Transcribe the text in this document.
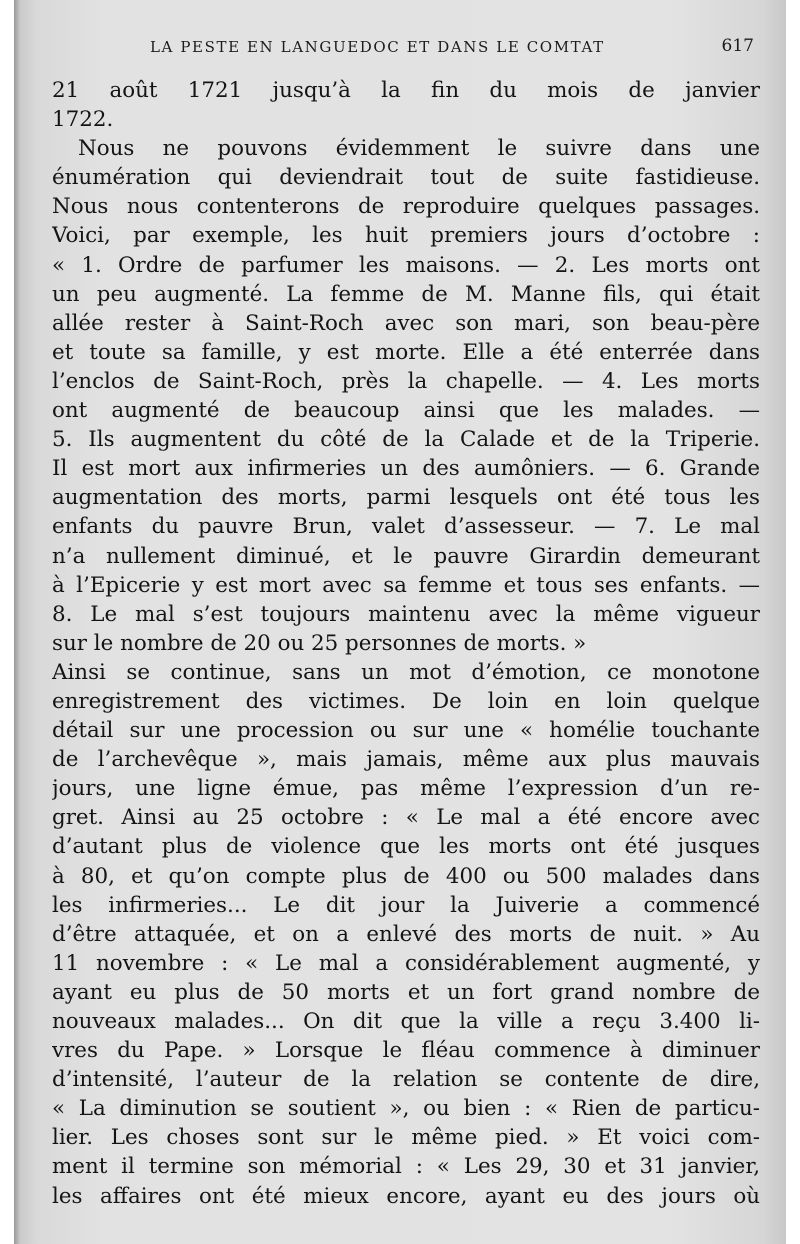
LA PESTE EN LANGUEDOC ET DANS LE COMTAT	617
21 août 1721 jusqu’à la fin du mois de janvier
1722.
Nous ne pouvons évidemment le suivre dans une
énumération qui deviendrait tout de suite fastidieuse.
Nous nous contenterons de reproduire quelques passages.
Voici, par exemple, les huit premiers jours d’octobre :
« 1. Ordre de parfumer les maisons. — 2. Les morts ont
un peu augmenté. La femme de M. Manne fils, qui était
allée rester à Saint-Roch avec son mari, son beau-père
et toute sa famille, y est morte. Elle a été enterrée dans
l’enclos de Saint-Roch, près la chapelle. — 4. Les morts
ont augmenté de beaucoup ainsi que les malades. —
5. Ils augmentent du côté de la Calade et de la Triperie.
Il est mort aux infirmeries un des aumôniers. — 6. Grande
augmentation des morts, parmi lesquels ont été tous les
enfants du pauvre Brun, valet d’assesseur. — 7. Le mal
n’a nullement diminué, et le pauvre Girardin demeurant
à l’Epicerie y est mort avec sa femme et tous ses enfants. —
8. Le mal s’est toujours maintenu avec la même vigueur
sur le nombre de 20 ou 25 personnes de morts. »
Ainsi se continue, sans un mot d’émotion, ce monotone
enregistrement des victimes. De loin en loin quelque
détail sur une procession ou sur une « homélie touchante
de l’archevêque », mais jamais, même aux plus mauvais
jours, une ligne émue, pas même l’expression d’un re-
gret. Ainsi au 25 octobre : « Le mal a été encore avec
d’autant plus de violence que les morts ont été jusques
à 80, et qu’on compte plus de 400 ou 500 malades dans
les infirmeries... Le dit jour la Juiverie a commencé
d’être attaquée, et on a enlevé des morts de nuit. » Au
11 novembre : « Le mal a considérablement augmenté, y
ayant eu plus de 50 morts et un fort grand nombre de
nouveaux malades... On dit que la ville a reçu 3.400 li-
vres du Pape. » Lorsque le fléau commence à diminuer
d’intensité, l’auteur de la relation se contente de dire,
« La diminution se soutient », ou bien : « Rien de particu-
lier. Les choses sont sur le même pied. » Et voici com-
ment il termine son mémorial : « Les 29, 30 et 31 janvier,
les affaires ont été mieux encore, ayant eu des jours où
